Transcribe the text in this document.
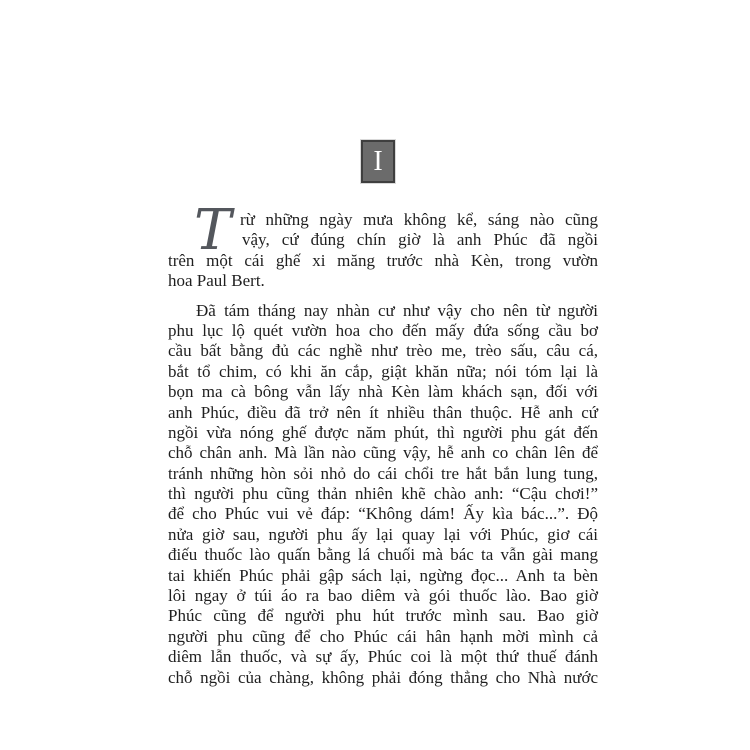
I
T rừ những ngày mưa không kể, sáng nào cũng
vậy, cứ đúng chín giờ là anh Phúc đã ngồi
trên một cái ghế xi măng trước nhà Kèn, trong vườn
hoa Paul Bert.
Đã tám tháng nay nhàn cư như vậy cho nên từ người
phu lục lộ quét vườn hoa cho đến mấy đứa sống cầu bơ
cầu bất bằng đủ các nghề như trèo me, trèo sấu, câu cá,
bắt tổ chim, có khi ăn cắp, giật khăn nữa; nói tóm lại là
bọn ma cà bông vẫn lấy nhà Kèn làm khách sạn, đối với
anh Phúc, điều đã trở nên ít nhiều thân thuộc. Hễ anh cứ
ngồi vừa nóng ghế được năm phút, thì người phu gát đến
chỗ chân anh. Mà lần nào cũng vậy, hễ anh co chân lên để
tránh những hòn sỏi nhỏ do cái chổi tre hắt bắn lung tung,
thì người phu cũng thản nhiên khẽ chào anh: “Cậu chơi!”
để cho Phúc vui vẻ đáp: “Không dám! Ấy kìa bác...”. Độ
nửa giờ sau, người phu ấy lại quay lại với Phúc, giơ cái
điếu thuốc lào quấn bằng lá chuối mà bác ta vẫn gài mang
tai khiến Phúc phải gập sách lại, ngừng đọc... Anh ta bèn
lôi ngay ở túi áo ra bao diêm và gói thuốc lào. Bao giờ
Phúc cũng để người phu hút trước mình sau. Bao giờ
người phu cũng để cho Phúc cái hân hạnh mời mình cả
diêm lẫn thuốc, và sự ấy, Phúc coi là một thứ thuế đánh
chỗ ngồi của chàng, không phải đóng thẳng cho Nhà nước
